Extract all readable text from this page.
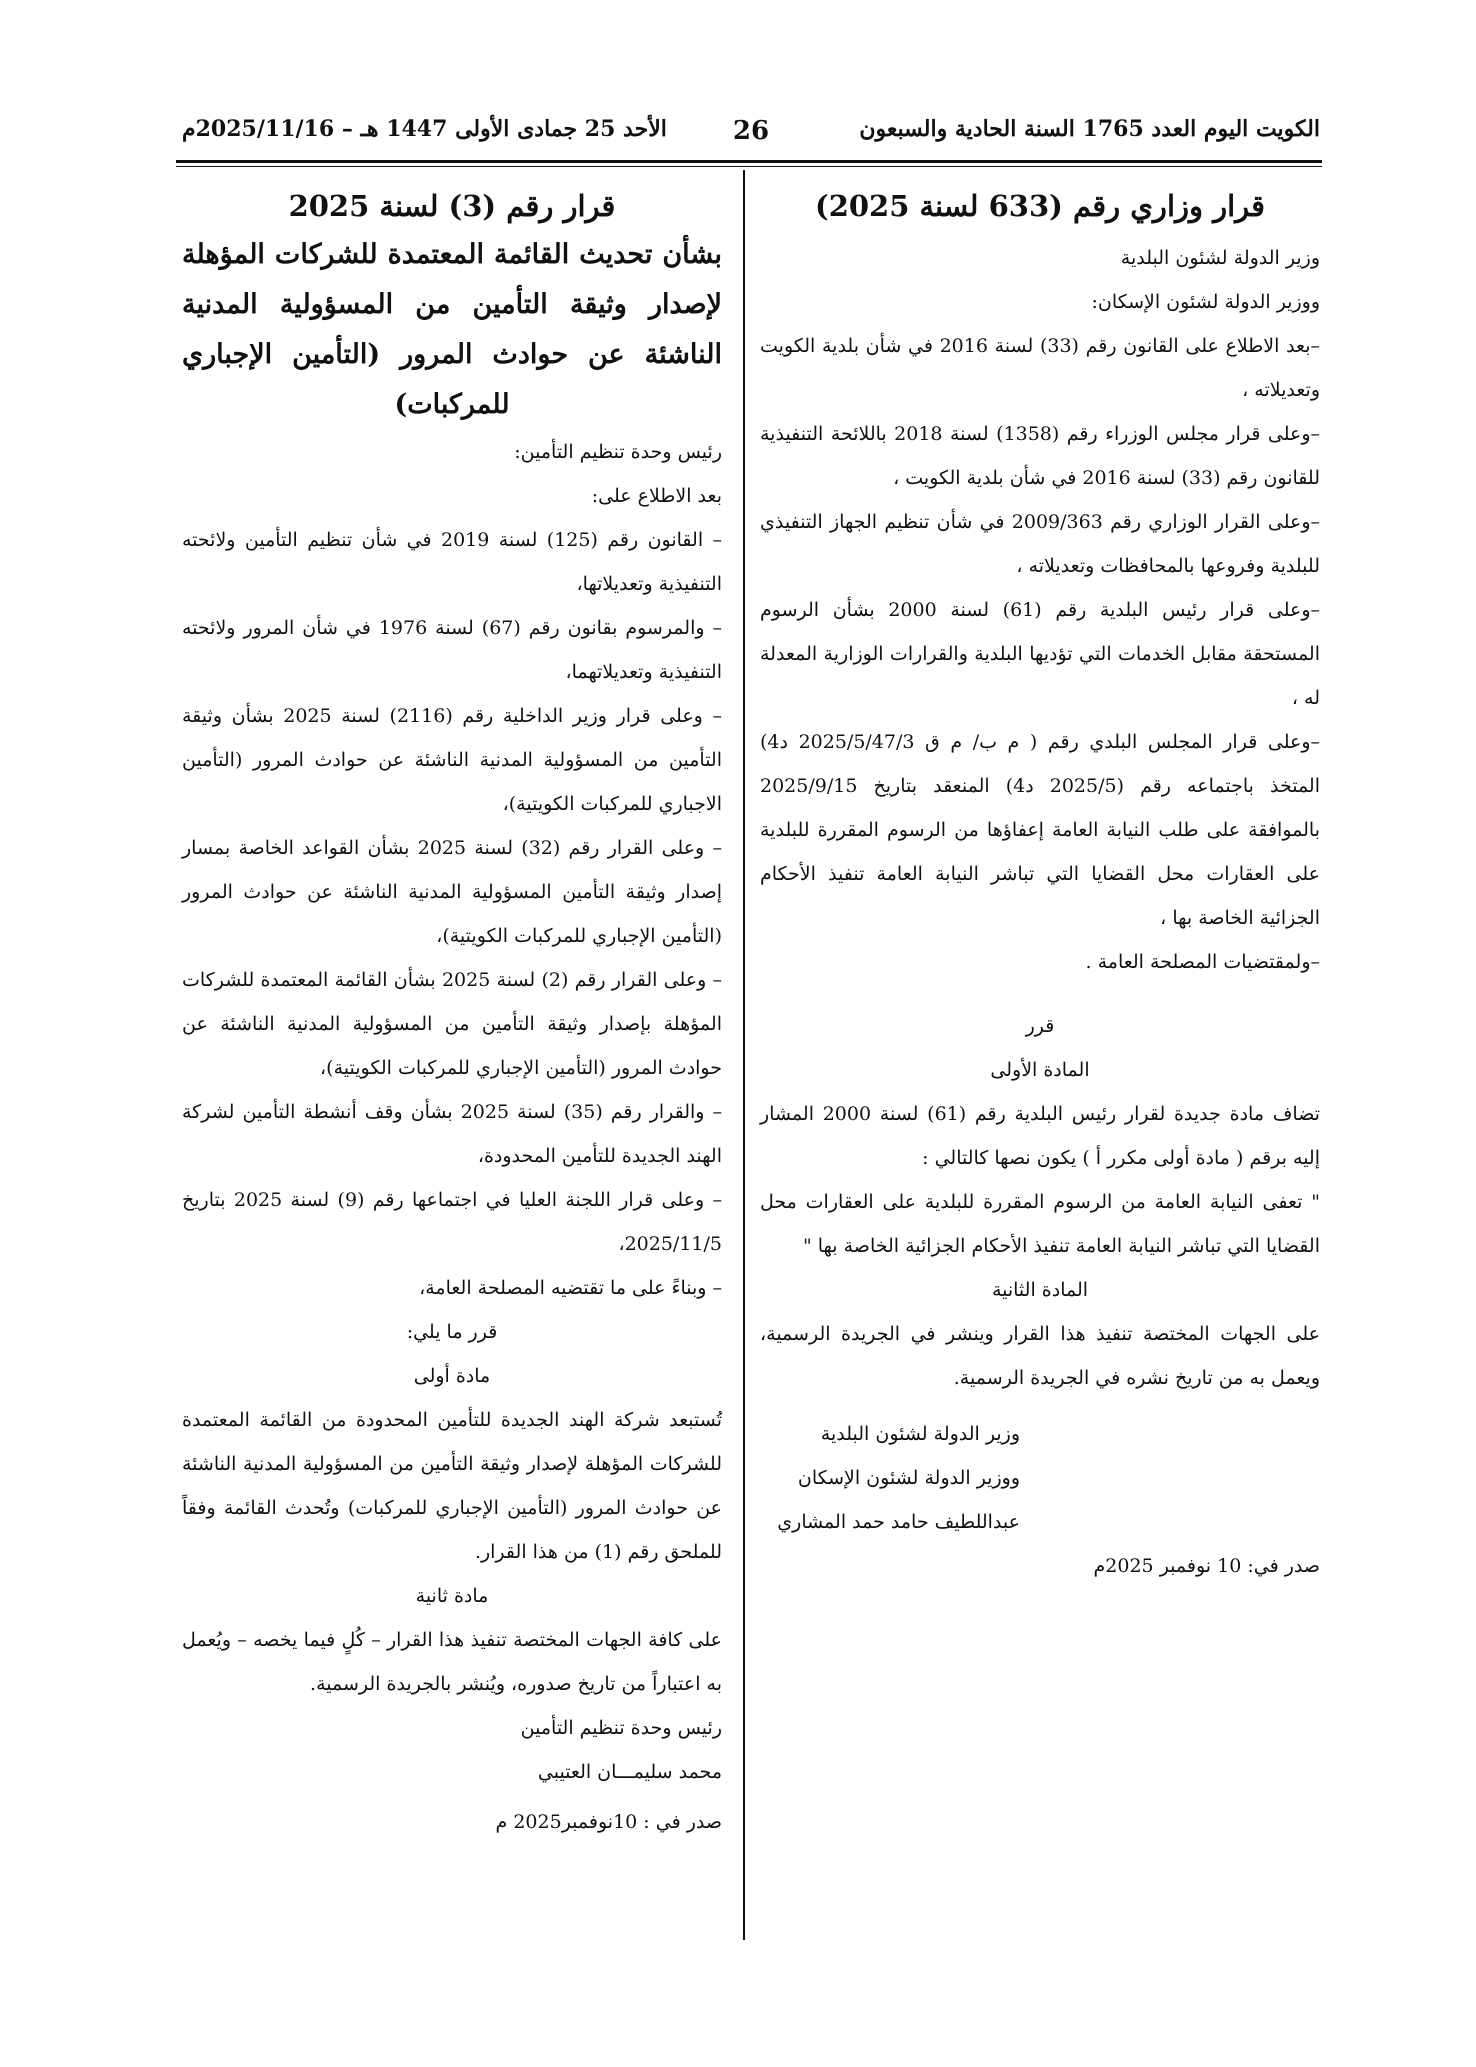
الكويت اليوم العدد 1765 السنة الحادية والسبعون
26
الأحد 25 جمادى الأولى 1447 هـ – 2025/11/16م

قرار وزاري رقم (633 لسنة 2025)

وزير الدولة لشئون البلدية

ووزير الدولة لشئون الإسكان:

–بعد الاطلاع على القانون رقم (33) لسنة 2016 في شأن بلدية الكويت وتعديلاته ،

–وعلى قرار مجلس الوزراء رقم (1358) لسنة 2018 باللائحة التنفيذية للقانون رقم (33) لسنة 2016 في شأن بلدية الكويت ،

–وعلى القرار الوزاري رقم 2009/363 في شأن تنظيم الجهاز التنفيذي للبلدية وفروعها بالمحافظات وتعديلاته ،

–وعلى قرار رئيس البلدية رقم (61) لسنة 2000 بشأن الرسوم المستحقة مقابل الخدمات التي تؤديها البلدية والقرارات الوزارية المعدلة له ،

–وعلى قرار المجلس البلدي رقم ( م ب/ م ق 2025/5/47/3 د4) المتخذ باجتماعه رقم (2025/5 د4) المنعقد بتاريخ 2025/9/15 بالموافقة على طلب النيابة العامة إعفاؤها من الرسوم المقررة للبلدية على العقارات محل القضايا التي تباشر النيابة العامة تنفيذ الأحكام الجزائية الخاصة بها ،

–ولمقتضيات المصلحة العامة .

قرر

المادة الأولى

تضاف مادة جديدة لقرار رئيس البلدية رقم (61) لسنة 2000 المشار إليه برقم ( مادة أولى مكرر أ ) يكون نصها كالتالي :

" تعفى النيابة العامة من الرسوم المقررة للبلدية على العقارات محل القضايا التي تباشر النيابة العامة تنفيذ الأحكام الجزائية الخاصة بها "

المادة الثانية

على الجهات المختصة تنفيذ هذا القرار وينشر في الجريدة الرسمية، ويعمل به من تاريخ نشره في الجريدة الرسمية.

وزير الدولة لشئون البلدية

ووزير الدولة لشئون الإسكان

عبداللطيف حامد حمد المشاري

صدر في: 10 نوفمبر 2025م

قرار رقم (3) لسنة 2025

بشأن تحديث القائمة المعتمدة للشركات المؤهلة لإصدار وثيقة التأمين من المسؤولية المدنية الناشئة عن حوادث المرور (التأمين الإجباري للمركبات)

رئيس وحدة تنظيم التأمين:

بعد الاطلاع على:

– القانون رقم (125) لسنة 2019 في شأن تنظيم التأمين ولائحته التنفيذية وتعديلاتها،

– والمرسوم بقانون رقم (67) لسنة 1976 في شأن المرور ولائحته التنفيذية وتعديلاتهما،

– وعلى قرار وزير الداخلية رقم (2116) لسنة 2025 بشأن وثيقة التأمين من المسؤولية المدنية الناشئة عن حوادث المرور (التأمين الاجباري للمركبات الكويتية)،

– وعلى القرار رقم (32) لسنة 2025 بشأن القواعد الخاصة بمسار إصدار وثيقة التأمين المسؤولية المدنية الناشئة عن حوادث المرور (التأمين الإجباري للمركبات الكويتية)،

– وعلى القرار رقم (2) لسنة 2025 بشأن القائمة المعتمدة للشركات المؤهلة بإصدار وثيقة التأمين من المسؤولية المدنية الناشئة عن حوادث المرور (التأمين الإجباري للمركبات الكويتية)،

– والقرار رقم (35) لسنة 2025 بشأن وقف أنشطة التأمين لشركة الهند الجديدة للتأمين المحدودة،

– وعلى قرار اللجنة العليا في اجتماعها رقم (9) لسنة 2025 بتاريخ 2025/11/5،

– وبناءً على ما تقتضيه المصلحة العامة،

قرر ما يلي:

مادة أولى

تُستبعد شركة الهند الجديدة للتأمين المحدودة من القائمة المعتمدة للشركات المؤهلة لإصدار وثيقة التأمين من المسؤولية المدنية الناشئة عن حوادث المرور (التأمين الإجباري للمركبات) وتُحدث القائمة وفقاً للملحق رقم (1) من هذا القرار.

مادة ثانية

على كافة الجهات المختصة تنفيذ هذا القرار – كُلٍ فيما يخصه – ويُعمل به اعتباراً من تاريخ صدوره، ويُنشر بالجريدة الرسمية.

رئيس وحدة تنظيم التأمين

محمد سليمـــان العتيبي

صدر في : 10نوفمبر2025 م
